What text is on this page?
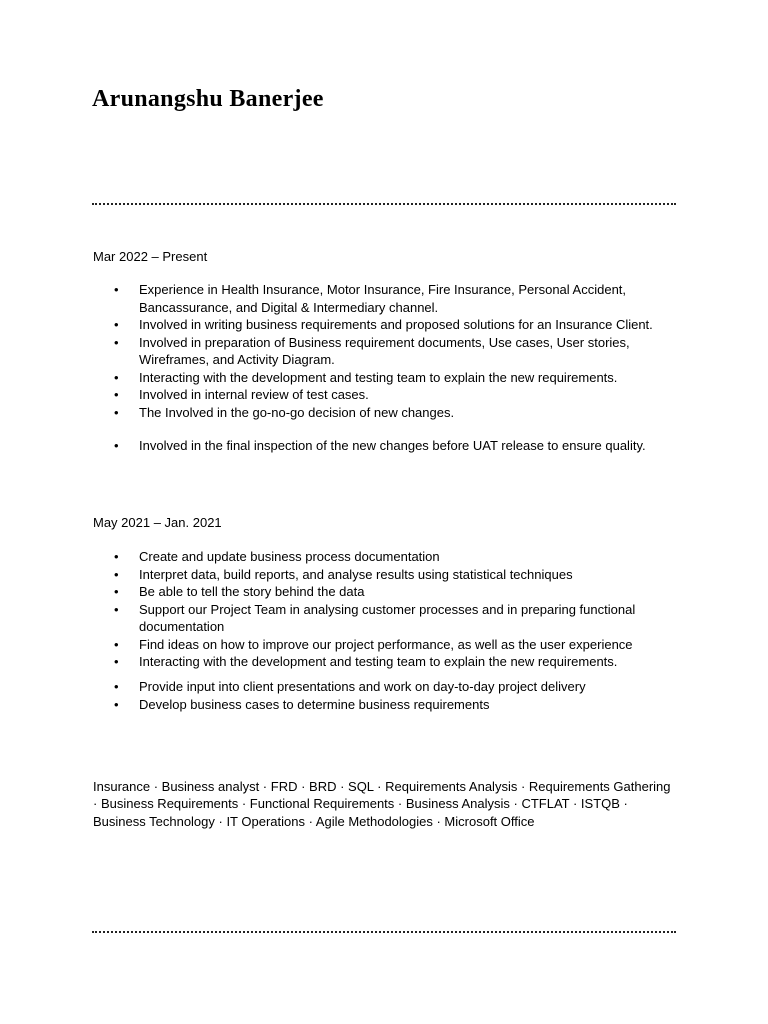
Arunangshu Banerjee

Mar 2022 – Present

• Experience in Health Insurance, Motor Insurance, Fire Insurance, Personal Accident, Bancassurance, and Digital & Intermediary channel.
• Involved in writing business requirements and proposed solutions for an Insurance Client.
• Involved in preparation of Business requirement documents, Use cases, User stories, Wireframes, and Activity Diagram.
• Interacting with the development and testing team to explain the new requirements.
• Involved in internal review of test cases.
• The Involved in the go-no-go decision of new changes.
• Involved in the final inspection of the new changes before UAT release to ensure quality.

May 2021 – Jan. 2021

• Create and update business process documentation
• Interpret data, build reports, and analyse results using statistical techniques
• Be able to tell the story behind the data
• Support our Project Team in analysing customer processes and in preparing functional documentation
• Find ideas on how to improve our project performance, as well as the user experience
• Interacting with the development and testing team to explain the new requirements.
• Provide input into client presentations and work on day-to-day project delivery
• Develop business cases to determine business requirements

Insurance · Business analyst · FRD · BRD · SQL · Requirements Analysis · Requirements Gathering · Business Requirements · Functional Requirements · Business Analysis · CTFLAT · ISTQB · Business Technology · IT Operations · Agile Methodologies · Microsoft Office
